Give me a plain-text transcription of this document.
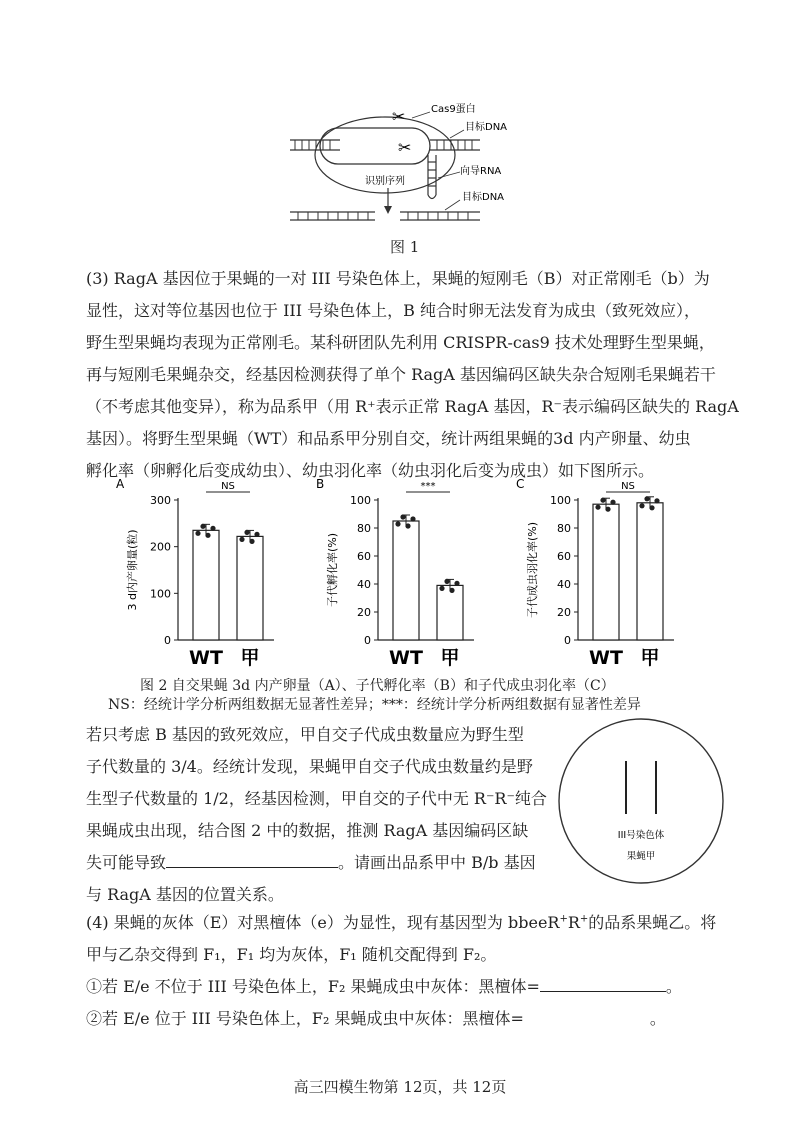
✂
✂
Cas9蛋白
目标DNA
向导RNA
识别序列
目标DNA
图 1
(3) RagA 基因位于果蝇的一对 III 号染色体上，果蝇的短刚毛（B）对正常刚毛（b）为
显性，这对等位基因也位于 III 号染色体上，B 纯合时卵无法发育为成虫（致死效应），
野生型果蝇均表现为正常刚毛。某科研团队先利用 CRISPR-cas9 技术处理野生型果蝇，
再与短刚毛果蝇杂交，经基因检测获得了单个 RagA 基因编码区缺失杂合短刚毛果蝇若干
（不考虑其他变异），称为品系甲（用 R⁺表示正常 RagA 基因，R⁻表示编码区缺失的 RagA
基因）。将野生型果蝇（WT）和品系甲分别自交，统计两组果蝇的3d 内产卵量、幼虫
孵化率（卵孵化后变成幼虫）、幼虫羽化率（幼虫羽化后变为成虫）如下图所示。
A
0
100
200
300
3 d内产卵量(粒)
WT 甲
NS	B
0
20
40
60
80
100
子代孵化率(%)
WT 甲
***	C
0
20
40
60
80
100
子代成虫羽化率(%)
WT 甲
NS
图 2 自交果蝇 3d 内产卵量（A）、子代孵化率（B）和子代成虫羽化率（C）
NS：经统计学分析两组数据无显著性差异；***：经统计学分析两组数据有显著性差异
若只考虑 B 基因的致死效应，甲自交子代成虫数量应为野生型
子代数量的 3/4。经统计发现，果蝇甲自交子代成虫数量约是野
生型子代数量的 1/2，经基因检测，甲自交的子代中无 R⁻R⁻纯合
果蝇成虫出现，结合图 2 中的数据，推测 RagA 基因编码区缺
失可能导致	。请画出品系甲中 B/b 基因
与 RagA 基因的位置关系。
III号染色体
果蝇甲
(4) 果蝇的灰体（E）对黑檀体（e）为显性，现有基因型为 bbeeR+R+的品系果蝇乙。将
甲与乙杂交得到 F₁，F₁ 均为灰体，F₁ 随机交配得到 F₂。
①若 E/e 不位于 III 号染色体上，F₂ 果蝇成虫中灰体：黑檀体=	。
②若 E/e 位于 III 号染色体上，F₂ 果蝇成虫中灰体：黑檀体=	。
高三四模生物第 12页，共 12页
